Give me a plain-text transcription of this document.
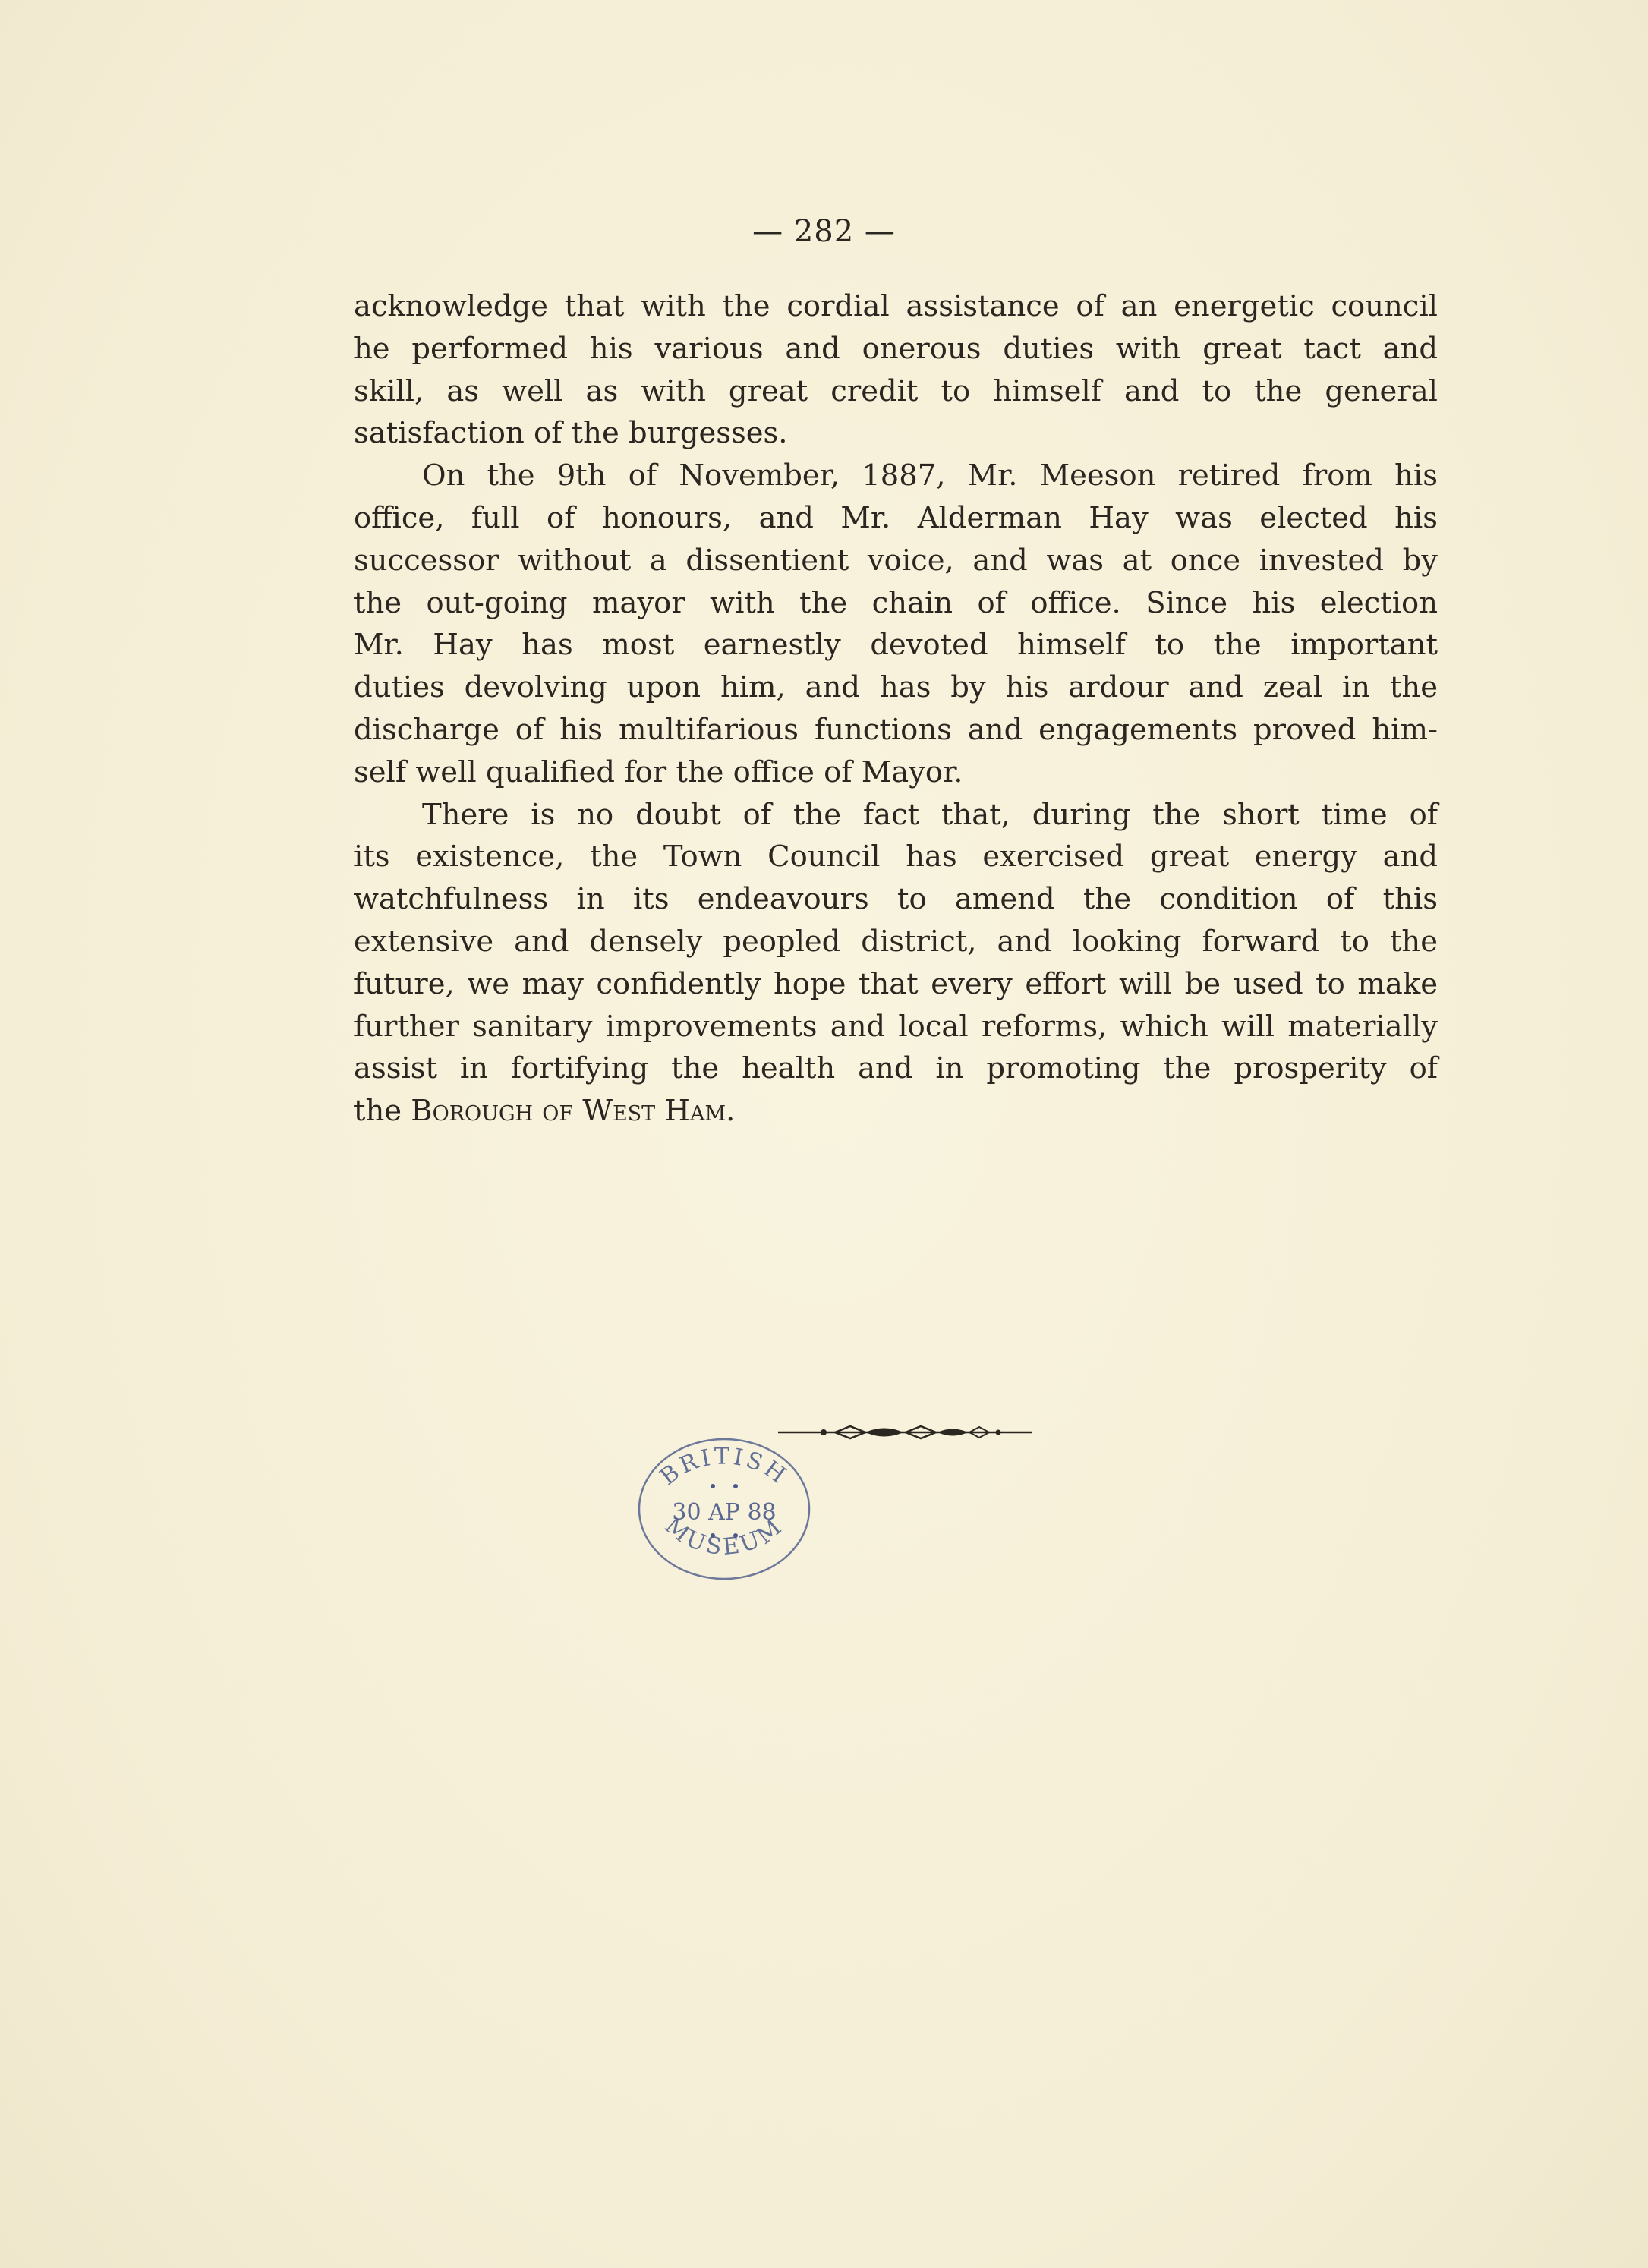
— 282 —

acknowledge that with the cordial assistance of an energetic council
he performed his various and onerous duties with great tact and
skill, as well as with great credit to himself and to the general
satisfaction of the burgesses.

On the 9th of November, 1887, Mr. Meeson retired from his
office, full of honours, and Mr. Alderman Hay was elected his
successor without a dissentient voice, and was at once invested by
the out-going mayor with the chain of office. Since his election
Mr. Hay has most earnestly devoted himself to the important
duties devolving upon him, and has by his ardour and zeal in the
discharge of his multifarious functions and engagements proved him-
self well qualified for the office of Mayor.

There is no doubt of the fact that, during the short time of
its existence, the Town Council has exercised great energy and
watchfulness in its endeavours to amend the condition of this
extensive and densely peopled district, and looking forward to the
future, we may confidently hope that every effort will be used to make
further sanitary improvements and local reforms, which will materially
assist in fortifying the health and in promoting the prosperity of
the Borough of West Ham.

BRITISH
30 AP 88
MUSEUM
